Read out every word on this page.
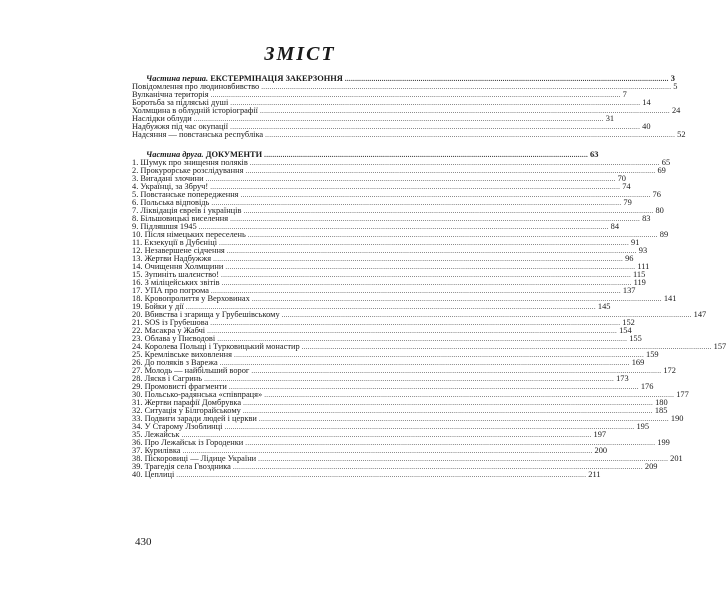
ЗМІСТ
Частина перша. ЕКСТЕРМІНАЦІЯ ЗАКЕРЗОННЯ .............................................................................................................................................................. 3
Повідомлення про людиновбивство ........................................................................................................................................................................................................ 5
Вулканічна територія ........................................................................................................................................................................................................ 7
Боротьба за підляські душі ........................................................................................................................................................................................................ 14
Холмщина в облудній історіографії ........................................................................................................................................................................................................ 24
Наслідки облуди ........................................................................................................................................................................................................ 31
Надбужжя під час окупації ........................................................................................................................................................................................................ 40
Надсяння — повстанська республіка ........................................................................................................................................................................................................ 52
Частина друга. ДОКУМЕНТИ .............................................................................................................................................................. 63
1. Шумук про знищення поляків ........................................................................................................................................................................................................ 65
2. Прокурорське розслідування ........................................................................................................................................................................................................ 69
3. Вигадані злочини ........................................................................................................................................................................................................ 70
4. Українці, за Збруч! ........................................................................................................................................................................................................ 74
5. Повстанське попередження ........................................................................................................................................................................................................ 76
6. Польська відповідь ........................................................................................................................................................................................................ 79
7. Ліквідація євреїв і українців ........................................................................................................................................................................................................ 80
8. Більшовицькі виселення ........................................................................................................................................................................................................ 83
9. Підляшшя 1945 ........................................................................................................................................................................................................ 84
10. Після німецьких переселень ........................................................................................................................................................................................................ 89
11. Екзекуції в Дубєніці ........................................................................................................................................................................................................ 91
12. Незавершене сідчення ........................................................................................................................................................................................................ 93
13. Жертви Надбужжя ........................................................................................................................................................................................................ 96
14. Очищення Холмщини ........................................................................................................................................................................................................ 111
15. Зупиніть шалєнство! ........................................................................................................................................................................................................ 115
16. З міліцейських звітів ........................................................................................................................................................................................................ 119
17. УПА про погрома ........................................................................................................................................................................................................ 137
18. Кровопролиття у Верховинах ........................................................................................................................................................................................................ 141
19. Бойки у дії ........................................................................................................................................................................................................ 145
20. Вбивства і згарища у Грубешівському ........................................................................................................................................................................................................ 147
21. SOS із Грубешова ........................................................................................................................................................................................................ 152
22. Масакра у Жабчі ........................................................................................................................................................................................................ 154
23. Облава у Пнєводові ........................................................................................................................................................................................................ 155
24. Королева Польщі і Турковицький монастир ........................................................................................................................................................................................................ 157
25. Кремлівське виховлення ........................................................................................................................................................................................................ 159
26. До поляків з Варежа ........................................................................................................................................................................................................ 169
27. Молодь — найбільший ворог ........................................................................................................................................................................................................ 172
28. Ляскв і Сагринь ........................................................................................................................................................................................................ 173
29. Промовисті фрагменти ........................................................................................................................................................................................................ 176
30. Польсько-радянська «співпраця» ........................................................................................................................................................................................................ 177
31. Жертви парафії Домбрувка ........................................................................................................................................................................................................ 180
32. Ситуація у Білгорайському ........................................................................................................................................................................................................ 185
33. Подвиги заради людей і церкви ........................................................................................................................................................................................................ 190
34. У Старому Лзоблинці ........................................................................................................................................................................................................ 195
35. Лежайськ ........................................................................................................................................................................................................ 197
36. Про Лежайськ із Городенки ........................................................................................................................................................................................................ 199
37. Курилівка ........................................................................................................................................................................................................ 200
38. Піскоровиці — Лідице України ........................................................................................................................................................................................................ 201
39. Трагедія села Гвоздника ........................................................................................................................................................................................................ 209
40. Цеплиці ........................................................................................................................................................................................................ 211
430
